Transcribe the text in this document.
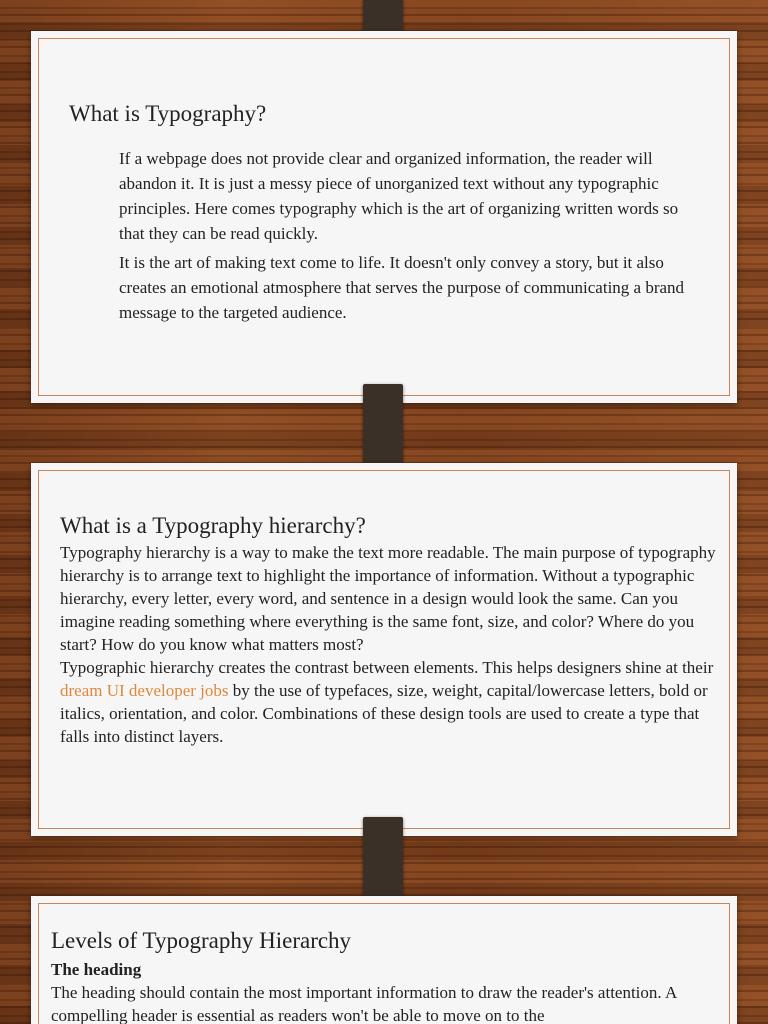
What is Typography?

If a webpage does not provide clear and organized information, the reader will abandon it. It is just a messy piece of unorganized text without any typographic principles. Here comes typography which is the art of organizing written words so that they can be read quickly.

It is the art of making text come to life. It doesn't only convey a story, but it also creates an emotional atmosphere that serves the purpose of communicating a brand message to the targeted audience.

What is a Typography hierarchy?

Typography hierarchy is a way to make the text more readable. The main purpose of typography hierarchy is to arrange text to highlight the importance of information. Without a typographic hierarchy, every letter, every word, and sentence in a design would look the same. Can you imagine reading something where everything is the same font, size, and color? Where do you start? How do you know what matters most?

Typographic hierarchy creates the contrast between elements. This helps designers shine at their dream UI developer jobs by the use of typefaces, size, weight, capital/lowercase letters, bold or italics, orientation, and color. Combinations of these design tools are used to create a type that falls into distinct layers.

Levels of Typography Hierarchy

The heading

The heading should contain the most important information to draw the reader's attention. A compelling header is essential as readers won't be able to move on to the
